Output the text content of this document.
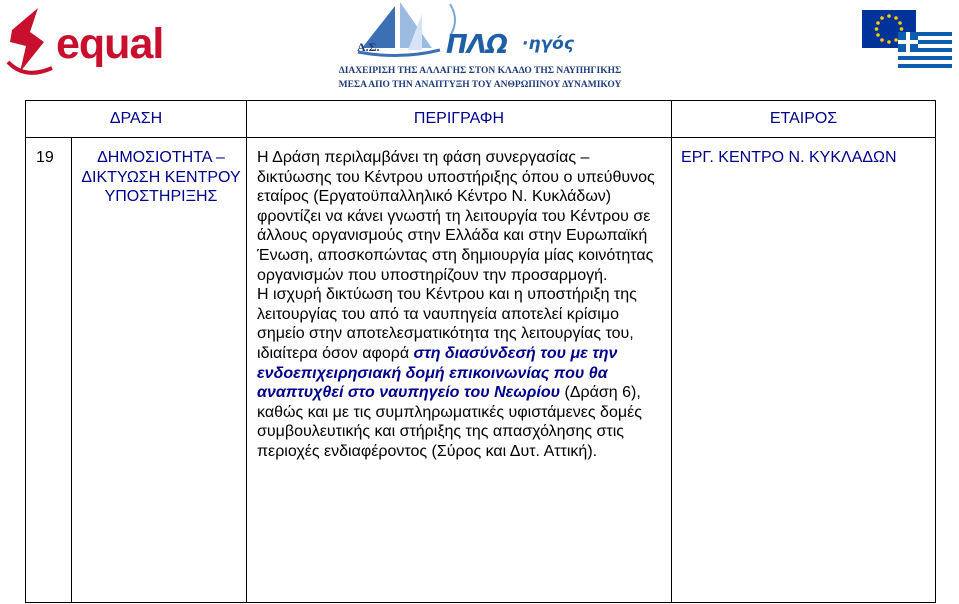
equal	Α.Σ.	ΠΛΩ ·ηγός
ΔΙΑΧΕΙΡΙΣΗ ΤΗΣ ΑΛΛΑΓΗΣ ΣΤΟΝ ΚΛΑΔΟ ΤΗΣ ΝΑΥΠΗΓΙΚΗΣ
ΜΕΣΑ ΑΠΟ ΤΗΝ ΑΝΑΠΤΥΞΗ ΤΟΥ ΑΝΘΡΩΠΙΝΟΥ ΔΥΝΑΜΙΚΟΥ
ΔΡΑΣΗ		ΠΕΡΙΓΡΑΦΗ	ΕΤΑΙΡΟΣ
19	ΔΗΜΟΣΙΟΤΗΤΑ – ΔΙΚΤΥΩΣΗ ΚΕΝΤΡΟΥ ΥΠΟΣΤΗΡΙΞΗΣ	Η Δράση περιλαμβάνει τη φάση συνεργασίας – δικτύωσης του Κέντρου υποστήριξης όπου ο υπεύθυνος εταίρος (Εργατοϋπαλληλικό Κέντρο Ν. Κυκλάδων) φροντίζει να κάνει γνωστή τη λειτουργία του Κέντρου σε άλλους οργανισμούς στην Ελλάδα και στην Ευρωπαϊκή Ένωση, αποσκοπώντας στη δημιουργία μίας κοινότητας οργανισμών που υποστηρίζουν την προσαρμογή.
Η ισχυρή δικτύωση του Κέντρου και η υποστήριξη της λειτουργίας του από τα ναυπηγεία αποτελεί κρίσιμο σημείο στην αποτελεσματικότητα της λειτουργίας του, ιδιαίτερα όσον αφορά στη διασύνδεσή του με την ενδοεπιχειρησιακή δομή επικοινωνίας που θα αναπτυχθεί στο ναυπηγείο του Νεωρίου (Δράση 6), καθώς και με τις συμπληρωματικές υφιστάμενες δομές συμβουλευτικής και στήριξης της απασχόλησης στις περιοχές ενδιαφέροντος (Σύρος και Δυτ. Αττική).	ΕΡΓ. ΚΕΝΤΡΟ Ν. ΚΥΚΛΑΔΩΝ
